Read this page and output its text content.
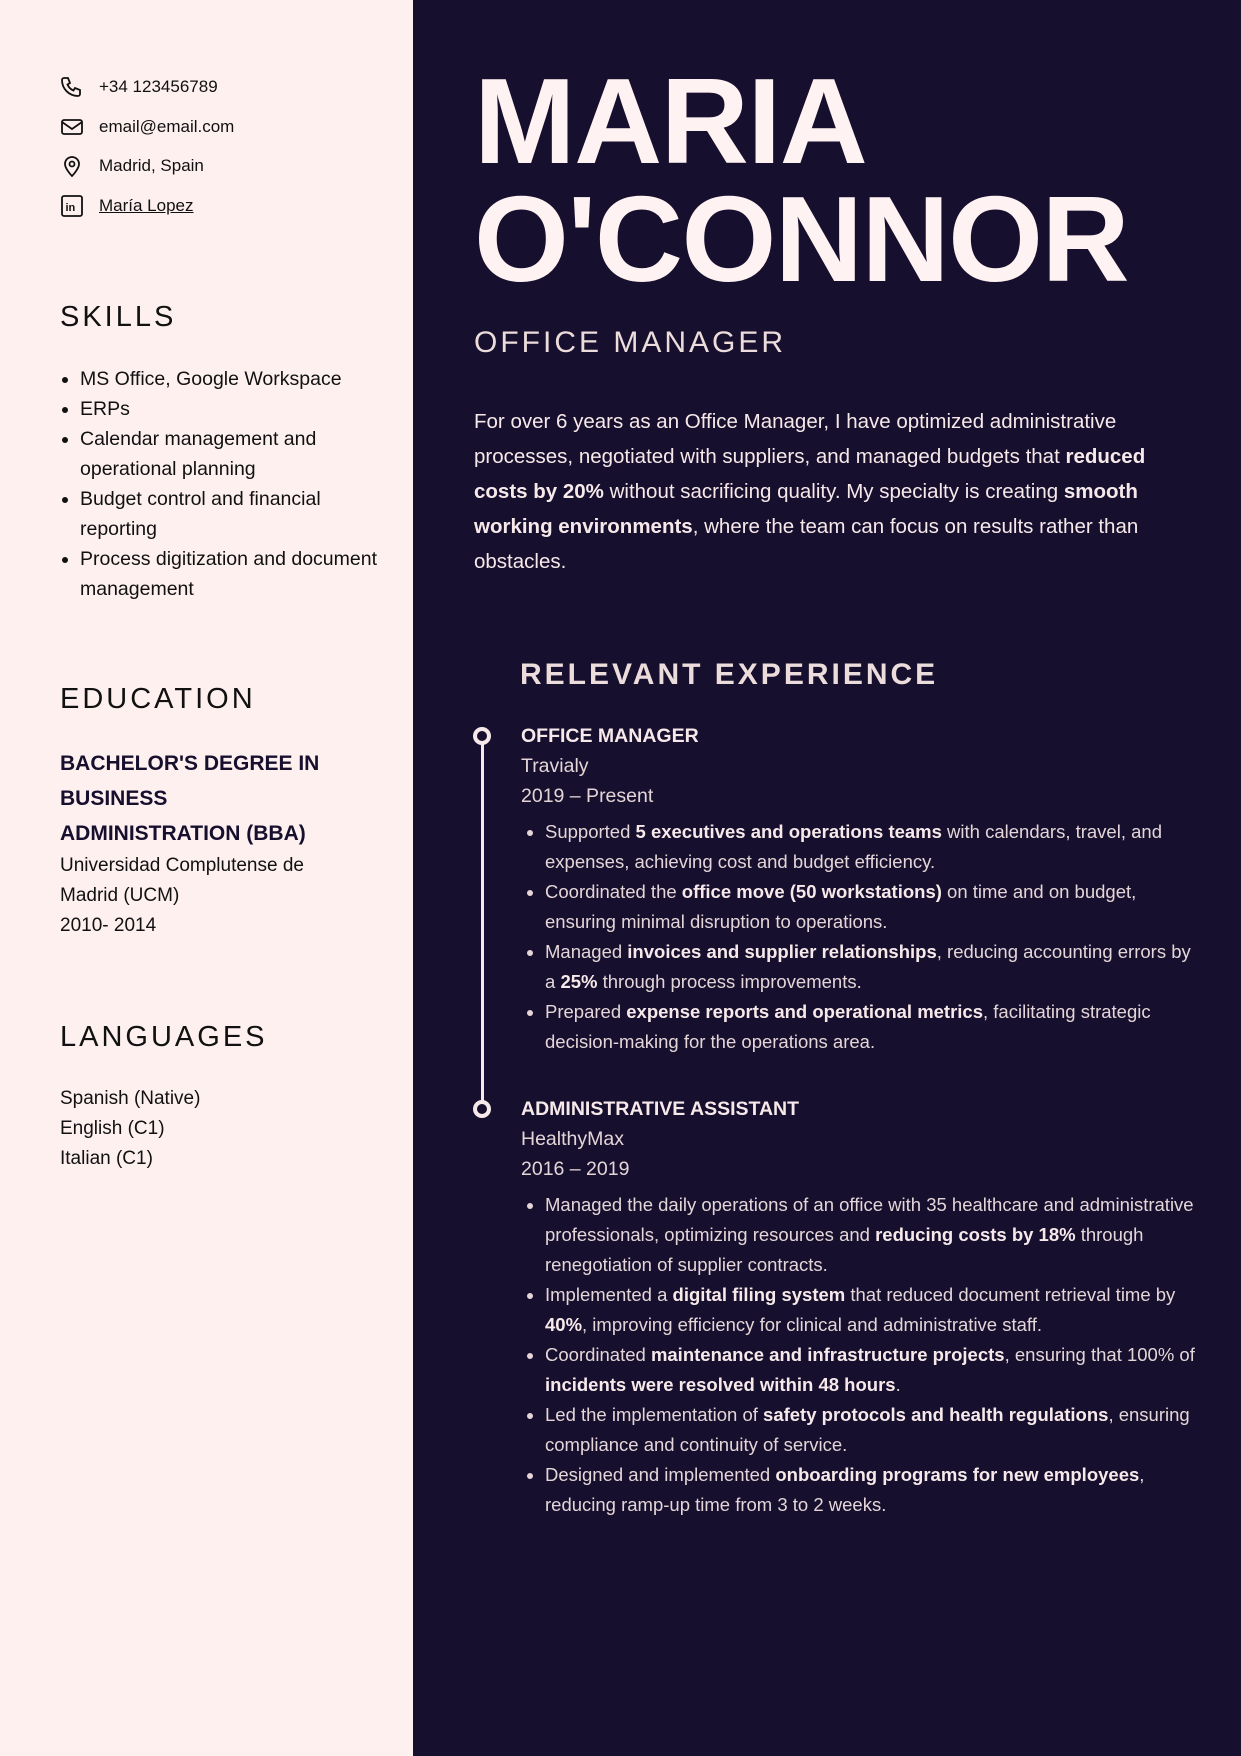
+34 123456789
email@email.com
Madrid, Spain
in María Lopez
SKILLS
• MS Office, Google Workspace
• ERPs
• Calendar management and operational planning
• Budget control and financial reporting
• Process digitization and document management
EDUCATION
BACHELOR'S DEGREE IN BUSINESS ADMINISTRATION (BBA)
Universidad Complutense de Madrid (UCM)
2010- 2014
LANGUAGES
Spanish (Native)
English (C1)
Italian (C1)
MARIA
O'CONNOR
OFFICE MANAGER

For over 6 years as an Office Manager, I have optimized administrative processes, negotiated with suppliers, and managed budgets that reduced costs by 20% without sacrificing quality. My specialty is creating smooth working environments, where the team can focus on results rather than obstacles.

RELEVANT EXPERIENCE
OFFICE MANAGER
Travialy
2019 – Present
• Supported 5 executives and operations teams with calendars, travel, and expenses, achieving cost and budget efficiency.
• Coordinated the office move (50 workstations) on time and on budget, ensuring minimal disruption to operations.
• Managed invoices and supplier relationships, reducing accounting errors by a 25% through process improvements.
• Prepared expense reports and operational metrics, facilitating strategic decision-making for the operations area.
ADMINISTRATIVE ASSISTANT
HealthyMax
2016 – 2019
• Managed the daily operations of an office with 35 healthcare and administrative professionals, optimizing resources and reducing costs by 18% through renegotiation of supplier contracts.
• Implemented a digital filing system that reduced document retrieval time by 40%, improving efficiency for clinical and administrative staff.
• Coordinated maintenance and infrastructure projects, ensuring that 100% of incidents were resolved within 48 hours.
• Led the implementation of safety protocols and health regulations, ensuring compliance and continuity of service.
• Designed and implemented onboarding programs for new employees, reducing ramp-up time from 3 to 2 weeks.
